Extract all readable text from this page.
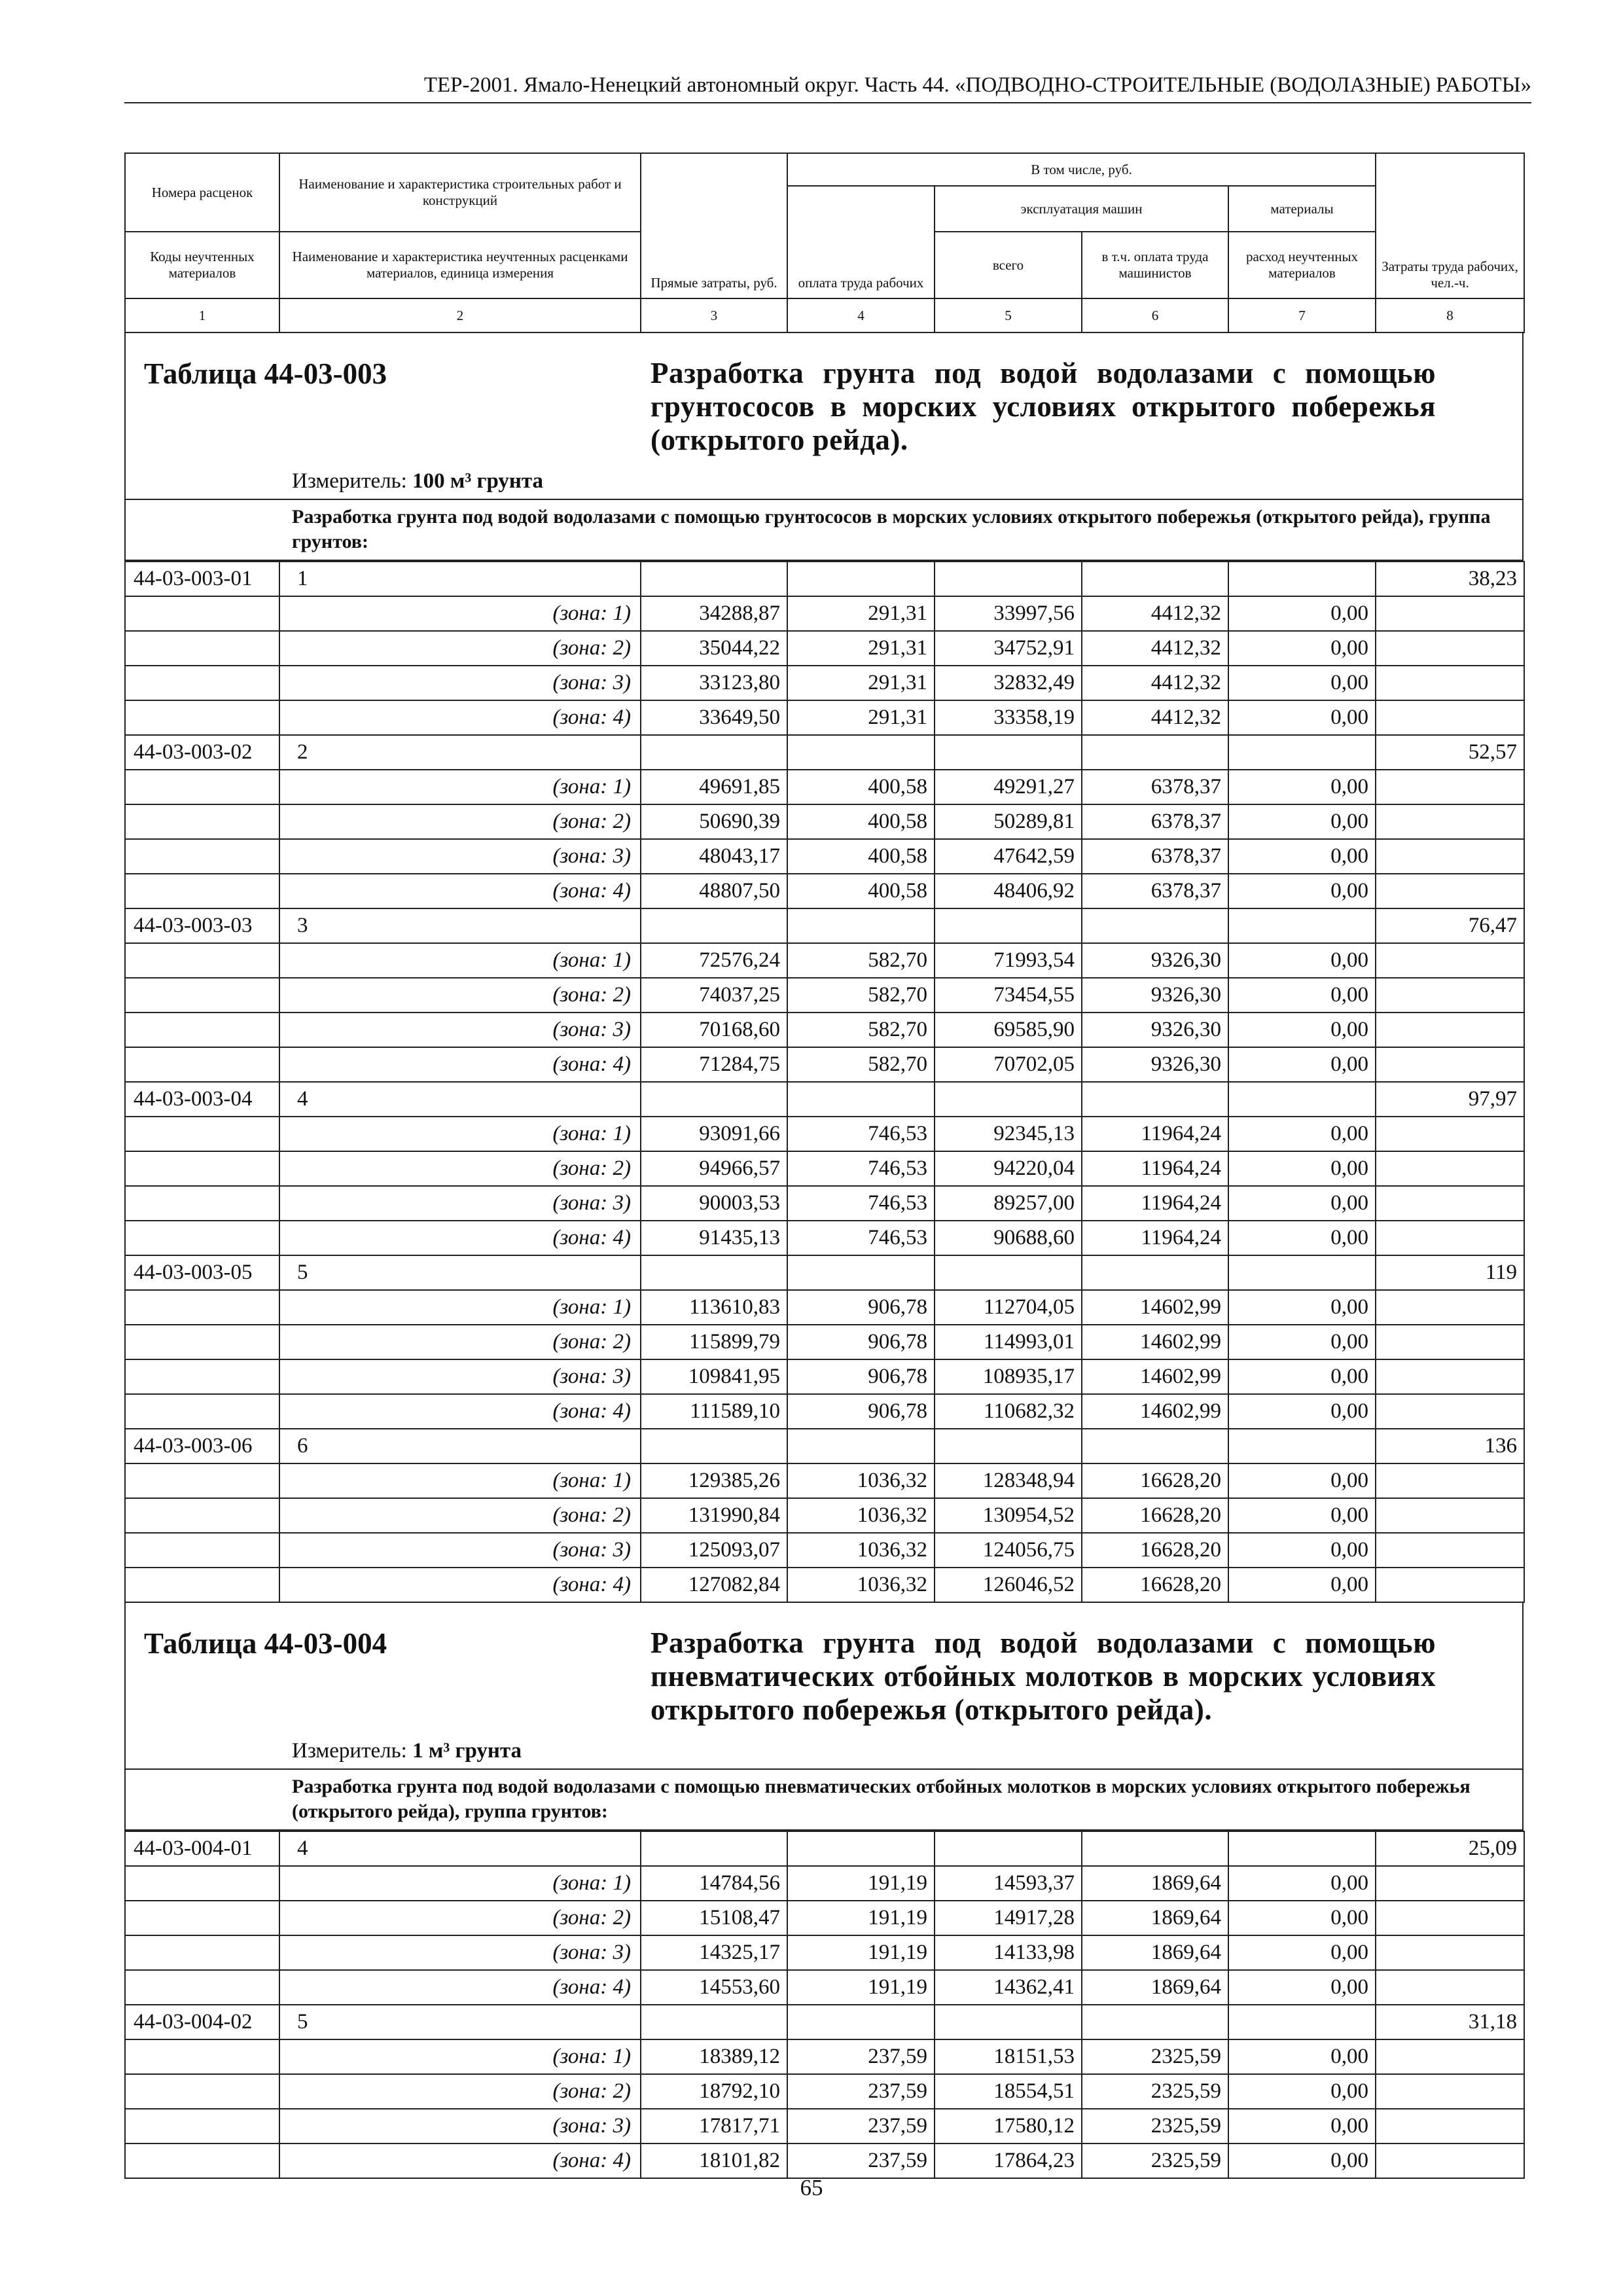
ТЕР-2001. Ямало-Ненецкий автономный округ. Часть 44. «ПОДВОДНО-СТРОИТЕЛЬНЫЕ (ВОДОЛАЗНЫЕ) РАБОТЫ»
Номера расценок	Наименование и характеристика строительных работ и конструкций	Прямые затраты, руб.	В том числе, руб.				Затраты труда рабочих, чел.-ч.
			оплата труда рабочих	эксплуатация машин		материалы	
Коды неучтенных материалов	Наименование и характеристика неучтенных расценками материалов, единица измерения			всего	в т.ч. оплата труда машинистов	расход неучтенных материалов	
1	2	3	4	5	6	7	8
Таблица 44-03-003	Разработка грунта под водой водолазами с помощью грунтососов в морских условиях открытого побережья (открытого рейда).
Измеритель: 100 м³ грунта
Разработка грунта под водой водолазами с помощью грунтососов в морских условиях открытого побережья (открытого рейда), группа грунтов:
44-03-003-01	1						38,23
	(зона: 1)	34288,87	291,31	33997,56	4412,32	0,00	
	(зона: 2)	35044,22	291,31	34752,91	4412,32	0,00	
	(зона: 3)	33123,80	291,31	32832,49	4412,32	0,00	
	(зона: 4)	33649,50	291,31	33358,19	4412,32	0,00	
44-03-003-02	2						52,57
	(зона: 1)	49691,85	400,58	49291,27	6378,37	0,00	
	(зона: 2)	50690,39	400,58	50289,81	6378,37	0,00	
	(зона: 3)	48043,17	400,58	47642,59	6378,37	0,00	
	(зона: 4)	48807,50	400,58	48406,92	6378,37	0,00	
44-03-003-03	3						76,47
	(зона: 1)	72576,24	582,70	71993,54	9326,30	0,00	
	(зона: 2)	74037,25	582,70	73454,55	9326,30	0,00	
	(зона: 3)	70168,60	582,70	69585,90	9326,30	0,00	
	(зона: 4)	71284,75	582,70	70702,05	9326,30	0,00	
44-03-003-04	4						97,97
	(зона: 1)	93091,66	746,53	92345,13	11964,24	0,00	
	(зона: 2)	94966,57	746,53	94220,04	11964,24	0,00	
	(зона: 3)	90003,53	746,53	89257,00	11964,24	0,00	
	(зона: 4)	91435,13	746,53	90688,60	11964,24	0,00	
44-03-003-05	5						119
	(зона: 1)	113610,83	906,78	112704,05	14602,99	0,00	
	(зона: 2)	115899,79	906,78	114993,01	14602,99	0,00	
	(зона: 3)	109841,95	906,78	108935,17	14602,99	0,00	
	(зона: 4)	111589,10	906,78	110682,32	14602,99	0,00	
44-03-003-06	6						136
	(зона: 1)	129385,26	1036,32	128348,94	16628,20	0,00	
	(зона: 2)	131990,84	1036,32	130954,52	16628,20	0,00	
	(зона: 3)	125093,07	1036,32	124056,75	16628,20	0,00	
	(зона: 4)	127082,84	1036,32	126046,52	16628,20	0,00	
Таблица 44-03-004	Разработка грунта под водой водолазами с помощью пневматических отбойных молотков в морских условиях открытого побережья (открытого рейда).
Измеритель: 1 м³ грунта
Разработка грунта под водой водолазами с помощью пневматических отбойных молотков в морских условиях открытого побережья (открытого рейда), группа грунтов:
44-03-004-01	4						25,09
	(зона: 1)	14784,56	191,19	14593,37	1869,64	0,00	
	(зона: 2)	15108,47	191,19	14917,28	1869,64	0,00	
	(зона: 3)	14325,17	191,19	14133,98	1869,64	0,00	
	(зона: 4)	14553,60	191,19	14362,41	1869,64	0,00	
44-03-004-02	5						31,18
	(зона: 1)	18389,12	237,59	18151,53	2325,59	0,00	
	(зона: 2)	18792,10	237,59	18554,51	2325,59	0,00	
	(зона: 3)	17817,71	237,59	17580,12	2325,59	0,00	
	(зона: 4)	18101,82	237,59	17864,23	2325,59	0,00	
65
